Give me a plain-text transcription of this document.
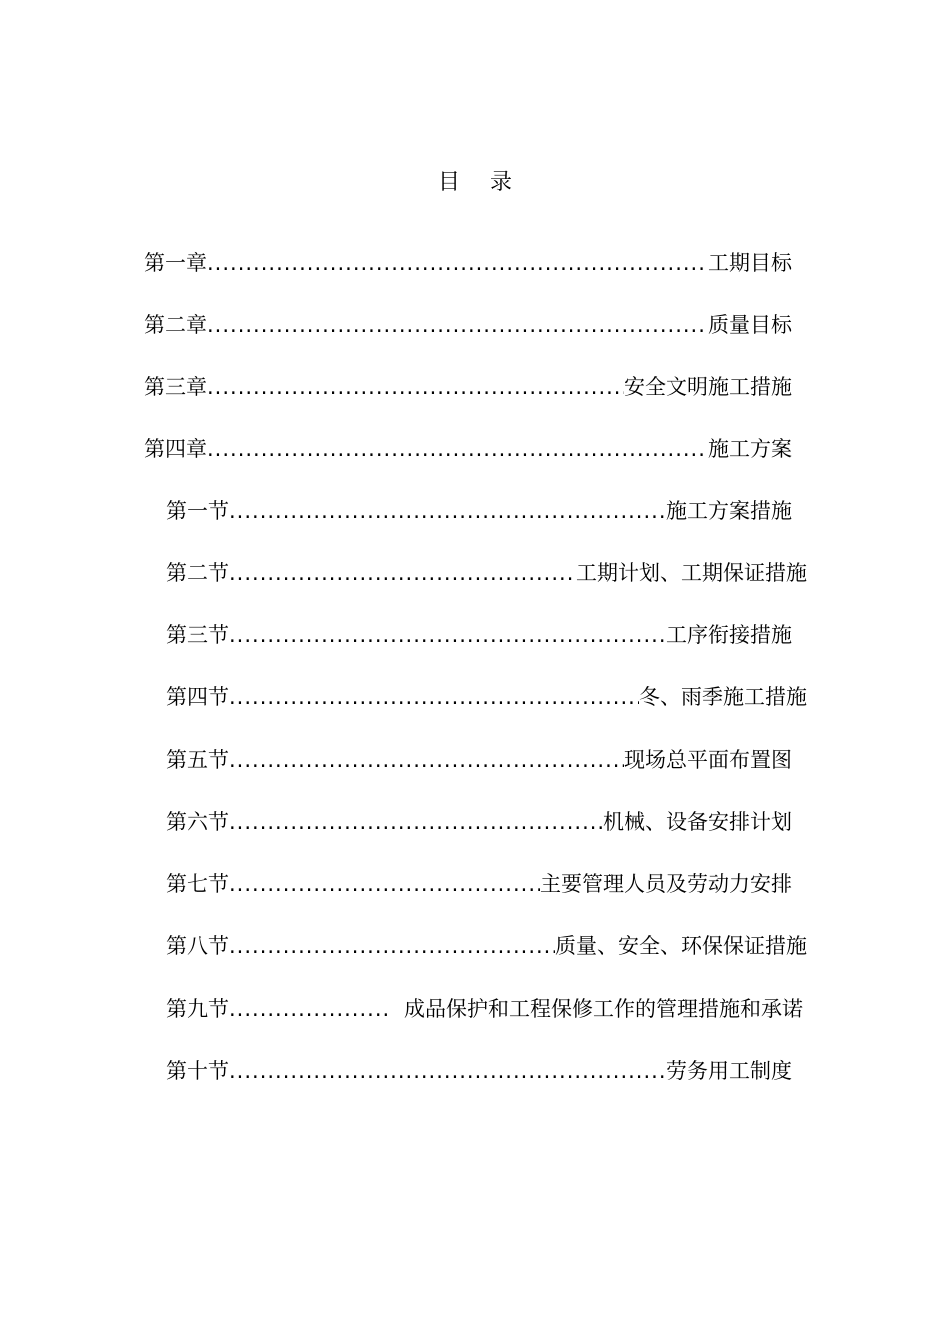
目录
第一章 .....	工期目标
第二章 .....	质量目标
第三章 .....	安全文明施工措施
第四章 .....	施工方案
第一节 .....	施工方案措施
第二节 .....	工期计划、工期保证措施
第三节 .....	工序衔接措施
第四节 .....	冬、雨季施工措施
第五节 .....	现场总平面布置图
第六节 .....	机械、设备安排计划
第七节 .....	主要管理人员及劳动力安排
第八节 .....	质量、安全、环保保证措施
第九节 .....	成品保护和工程保修工作的管理措施和承诺
第十节 .....	劳务用工制度
